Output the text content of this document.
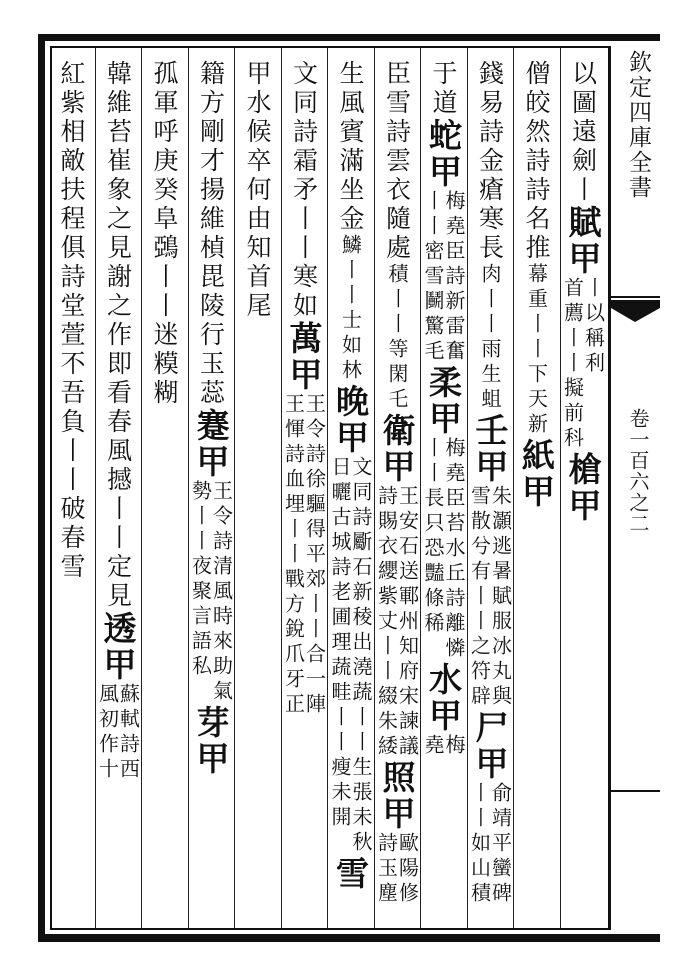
欽定四庫全書
卷一百六之二
以圖遠劍丨
賦甲
丨以稱利
首薦丨丨擬前科
槍甲
僧皎然詩詩名推
幕重丨丨下天新
紙甲
錢易詩金瘡寒長
肉丨丨雨生蛆
壬甲
朱灝逃暑賦服冰丸與
雪散兮有丨丨之符辟
尸甲
俞靖平蠻碑
丨丨如山積
于道
蛇甲
梅堯臣詩新雷奮
丨丨密雪鬭驚毛
柔甲
梅堯臣苔水丘詩離憐
丨丨長只恐豔條稀
水甲
梅
堯
臣雪詩雲衣隨處
積丨丨等閑乇
衛甲
王安石送鄆州知府宋諫議
詩賜衣纓紫丈丨丨綴朱緌
照甲
歐陽修
詩玉塵
生風賓滿坐金
鱗丨丨士如林
晚甲
文同詩斸石新稜出澆蔬
日曬古城詩老圃理蔬畦
丨丨生張未秋
丨丨瘦未開
雪
文同詩霜矛丨丨寒如
萬甲
王令詩徐驅得平郊丨丨合一陣
王惲詩血埋丨丨戰方銳爪牙正
甲
水候卒何由知首尾
籍方剛才揚維楨毘陵行玉蕊
蹇甲
王令詩清風時來助氣
勢丨丨夜聚言語私
芽甲
孤軍呼庚癸阜鵶丨丨迷糢糊
韓維苔崔象之見謝之作即看春風撼丨丨定見
透甲
蘇軾詩西
風初作十
紅紫相敵扶程俱詩堂萱不吾負丨丨破春雪
